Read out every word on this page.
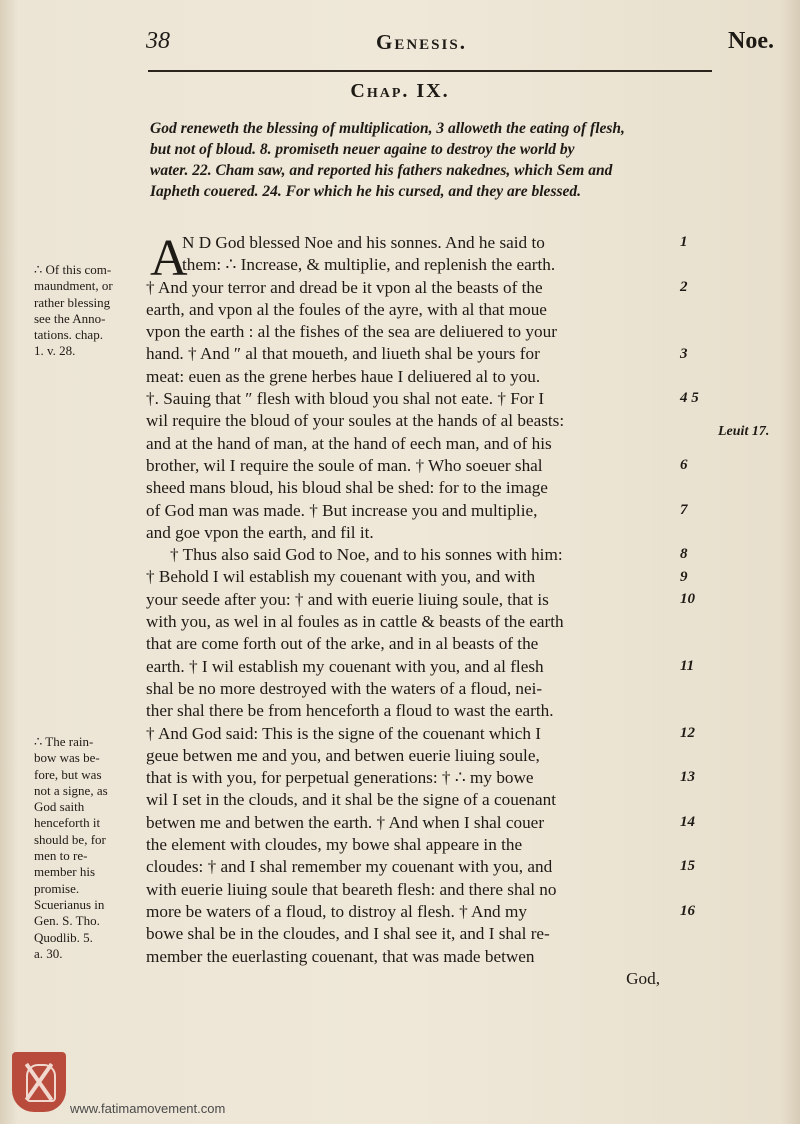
38	Genesis.	Noe.
Chap. IX.
God reneweth the blessing of multiplication, 3 alloweth the eating of flesh,
but not of bloud. 8. promiseth neuer againe to destroy the world by
water. 22. Cham saw, and reported his fathers nakednes, which Sem and
Iapheth couered. 24. For which he his cursed, and they are blessed.
A
N D God blessed Noe and his sonnes. And he said to
them: ∴ Increase, & multiplie, and replenish the earth.
† And your terror and dread be it vpon al the beasts of the
earth, and vpon al the foules of the ayre, with al that moue
vpon the earth : al the fishes of the sea are deliuered to your
hand. † And ″ al that moueth, and liueth shal be yours for
meat: euen as the grene herbes haue I deliuered al to you.
†. Sauing that ″ flesh with bloud you shal not eate. † For I
wil require the bloud of your soules at the hands of al beasts:
and at the hand of man, at the hand of eech man, and of his
brother, wil I require the soule of man. † Who soeuer shal
sheed mans bloud, his bloud shal be shed: for to the image
of God man was made. † But increase you and multiplie,
and goe vpon the earth, and fil it.
† Thus also said God to Noe, and to his sonnes with him:
† Behold I wil establish my couenant with you, and with
your seede after you: † and with euerie liuing soule, that is
with you, as wel in al foules as in cattle & beasts of the earth
that are come forth out of the arke, and in al beasts of the
earth. † I wil establish my couenant with you, and al flesh
shal be no more destroyed with the waters of a floud, nei-
ther shal there be from henceforth a floud to wast the earth.
† And God said: This is the signe of the couenant which I
geue betwen me and you, and betwen euerie liuing soule,
that is with you, for perpetual generations: † ∴ my bowe
wil I set in the clouds, and it shal be the signe of a couenant
betwen me and betwen the earth. † And when I shal couer
the element with cloudes, my bowe shal appeare in the
cloudes: † and I shal remember my couenant with you, and
with euerie liuing soule that beareth flesh: and there shal no
more be waters of a floud, to distroy al flesh. † And my
bowe shal be in the cloudes, and I shal see it, and I shal re-
member the euerlasting couenant, that was made betwen
God,
1
2
3
4 5
6
7
8
9
10
11
12
13
14
15
16
∴ Of this com-
maundment, or
rather blessing
see the Anno-
tations. chap.
1. v. 28.
∴ The rain-
bow was be-
fore, but was
not a signe, as
God saith
henceforth it
should be, for
men to re-
member his
promise.
Scuerianus in
Gen. S. Tho.
Quodlib. 5.
a. 30.
Leuit 17.
www.fatimamovement.com
